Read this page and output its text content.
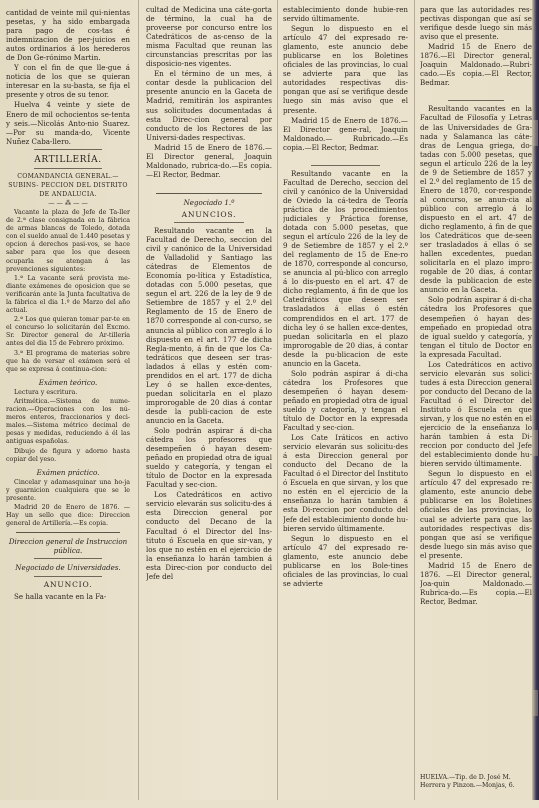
cantidad de veinte mil qui-nientas pesetas, y ha sido embargada para pago de cos-tas é indemnizacion de per-juicios en autos ordinarios á los herederos de Don Ge-rónimo Martin.

Y con el fin de que lle-gue á noticia de los que se quieran interesar en la su-basta, se fija el presente y otros de su tenor.

Huelva 4 veinte y siete de Enero de mil ochocientos se-tenta y seis.—Nicolás Anto-nio Suarez.—Por su manda-do, Vicente Nuñez Caba-llero.

ARTILLERÍA.

COMANDANCIA GENERAL.—SUBINS- PECCION DEL DISTRITO DE ANDALUCIA.

— — ⁂ — —

Vacante la plaza de Jefe de Ta-ller de 2.ª clase consignada en la fábrica de armas blancas de Toledo, dotada con el sueldo anual de 1.440 pesetas y opcion á derechos pasi-vos, se hace saber para que los que deseen ocuparla se atengan á las prevenciones siguientes:

1.ª La vacante será provista me-diante exámenes de oposicion que se verificarán ante la Junta facultativa de la fábrica el dia 1.º de Marzo del año actual.

2.ª Los que quieran tomar par-te en el concurso lo solicitarán del Excmo. Sr. Director general de Ar-tillería antes del dia 15 de Febrero próximo.

3.ª El programa de materias sobre que ha de versar el exámen será el que se expresa á continua-cion:

Exámen teórico.

Lectura y escritura.

Aritmética.—Sistema de nume-racion.—Operaciones con los nú-meros enteros, fraccionarios y deci-males.—Sistema métrico decimal de pesas y medidas, reduciendo á él las antiguas españolas.

Dibujo de figura y adorno hasta copiar del yeso.

Exámen práctico.

Cincelar y adamasquinar una ho-ja y guarnicion cualquiera que se le presente.

Madrid 20 de Enero de 1876. — Hay un sello que dice: Direccion general de Artillería.—Es copia.

Direccion general de Instruccion pública.

Negociado de Universidades.

ANUNCIO.

Se halla vacante en la Fa-

cultad de Medicina una cáte-gorta de término, la cual ha de proveerse por concurso entre los Catedráticos de as-censo de la misma Facultad que reunan las circunstancias prescritas por las disposicio-nes vigentes.

En el término de un mes, á contar desde la publicacion del presente anuncio en la Gaceta de Madrid, remitirán los aspirantes sus solicitudes documentadas á esta Direc-cion general por conducto de los Rectores de las Universi-dades respectivas.

Madrid 15 de Enero de 1876.—El Director general, Joaquin Maldonado, rubrica-do.—Es copia.—El Rector, Bedmar.

Negociado 1.º

ANUNCIOS.

Resultando vacante en la Facultad de Derecho, seccion del civil y canónico de la Universidad de Valladolid y Santiago las cátedras de Elementos de Economía po-lítica y Estadística, dotadas con 5.000 pesetas, que segun el art. 226 de la ley de 9 de Setiembre de 1857 y el 2.º del Reglamento de 15 de Enero de 1870 corresponde al con-curso, se anuncia al público con arreglo á lo dispuesto en el art. 177 de dicha Regla-mento, á fin de que los Ca-tedráticos que deseen ser tras-ladados á ellas y estén com-prendidos en el art. 177 de dicha Ley ó se hallen exce-dentes, puedan solicitarla en el plazo improrogable de 20 dias á contar desde la publi-cacion de este anuncio en la Gaceta.

Solo podrán aspirar á di-cha cátedra los profesores que desempeñen ó hayan desem-peñado en propiedad otra de igual sueldo y categoría, y tengan el título de Doctor en la expresada Facultad y sec-cion.

Los Catedráticos en activo servicio elevarán sus solicitu-des á esta Direccion general por conducto del Decano de la Facultad ó el Director del Ins-tituto ó Escuela en que sir-van, y los que no estén en el ejercicio de la enseñanza lo harán tambien á esta Direc-cion por conducto del Jefe del

establecimiento donde hubie-ren servido últimamente.

Segun lo dispuesto en el artículo 47 del expresado re-glamento, este anuncio debe publicarse en los Boletines oficiales de las provincias, lo cual se advierte para que las autoridades respectivas dis-pongan que así se verifique desde luego sin más aviso que el presente.

Madrid 15 de Enero de 1876.—El Director gene-ral, Joaquin Maldonado.— Rubricado.—Es copia.—El Rector, Bedmar.

Resultando vacante en la Facultad de Derecho, seccion del civil y canónico de la Universidad de Oviedo la cá-tedra de Teoría práctica de los procedimientos judiciales y Práctica forense, dotada con 5.000 pesetas, que segun el artículo 226 de la ley de 9 de Setiembre de 1857 y el 2.º del reglamento de 15 de Ene-ro de 1870, corresponde al concurso, se anuncia al pú-blico con arreglo á lo dis-puesto en el art. 47 de dicho reglamento, á fin de que los Catedráticos que deseen ser trasladados á ellas ó estén comprendidos en el art. 177 de dicha ley ó se hallen exce-dentes, puedan solicitarla en el plazo improrogable de 20 dias, á contar desde la pu-blicacion de este anuncio en la Gaceta.

Solo podrán aspirar á di-cha cátedra los Profesores que desempeñen ó hayan desem-peñado en propiedad otra de igual sueldo y categoría, y tengan el título de Doctor en la expresada Facultad y sec-cion.

Los Cate Iráticos en activo servicio elevarán sus solicitu-des á esta Direccion general por conducto del Decano de la Facultad ó el Director del Instituto ó Escuela en que sirvan, y los que no estén en el ejercicio de la enseñanza lo harán tambien á esta Di-reccion por conducto del Jefe del establecimiento donde hu-bieren servido últimamente.

Segun lo dispuesto en el artículo 47 del expresado re-glamento, este anuncio debe publicarse en los Bole-tines oficiales de las provincias, lo cual se advierte

para que las autoridades res-pectivas dispongan que así se verifique desde luego sin más aviso que el presente.

Madrid 15 de Enero de 1876.—El Director general, Joaquin Maldonado.—Rubri-cado.—Es copia.—El Rector, Bedmar.

Resultando vacantes en la Facultad de Filosofía y Letras de las Universidades de Gra-nada y Salamanca las cáte-dras de Lengua griega, do-tadas con 5.000 pesetas, que segun el artículo 226 de la ley de 9 de Setiembre de 1857 y el 2.º del reglamento de 15 de Enero de 1870, cor-responde al concurso, se anun-cia al público con arreglo á lo dispuesto en el art. 47 de dicho reglamento, á fin de que los Catedráticos que de-seen ser trasladados á ellas ó se hallen excedentes, puedan solicitarla en el plazo impro-rogable de 20 dias, á contar desde la publicacion de este anuncio en la Gaceta.

Solo podrán aspirar á di-cha cátedra los Profesores que desempeñen ó hayan des-empeñado en propiedad otra de igual sueldo y categoría, y tengan el título de Doctor en la expresada Facultad.

Los Catedráticos en activo servicio elevarán sus solici-tudes á esta Direccion general por conducto del Decano de la Facultad ó el Director del Instituto ó Escuela en que sirvan, y los que no estén en el ejercicio de la enseñanza lo harán tambien á esta Di-reccion por conducto del Jefe del establecimiento donde hu-bieren servido últimamente.

Segun lo dispuesto en el artículo 47 del expresado re-glamento, este anuncio debe publicarse en los Boletines oficiales de las provincias, lo cual se advierte para que las autoridades respectivas dis-pongan que así se verifique desde luego sin más aviso que el presente.

Madrid 15 de Enero de 1876. —El Director general, Joa-quin Maldonado.—Rubrica-do.—Es copia.—El Rector, Bedmar.

HUELVA.—Tip. de D. José M. Herrera y Pinzon.—Monjas, 6.
